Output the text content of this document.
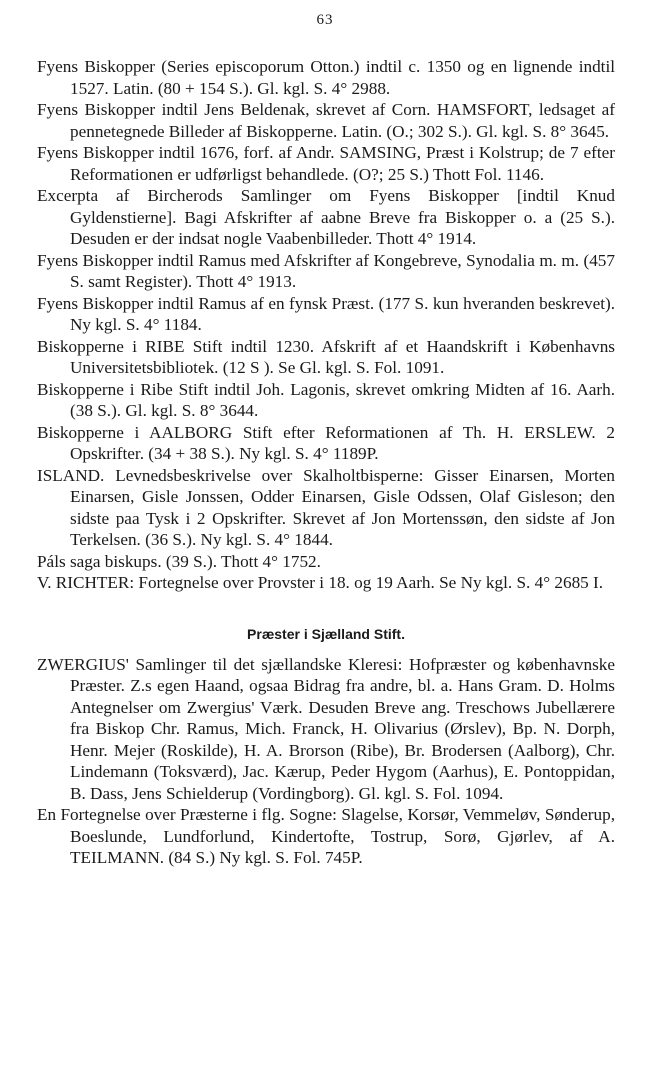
63

Fyens Biskopper (Series episcoporum Otton.) indtil c. 1350 og en lignende indtil 1527. Latin. (80 + 154 S.). Gl. kgl. S. 4° 2988.

Fyens Biskopper indtil Jens Beldenak, skrevet af Corn. HAMSFORT, ledsaget af pennetegnede Billeder af Biskopperne. Latin. (O.; 302 S.). Gl. kgl. S. 8° 3645.

Fyens Biskopper indtil 1676, forf. af Andr. SAMSING, Præst i Kolstrup; de 7 efter Reformationen er udførligst behandlede. (O?; 25 S.) Thott Fol. 1146.

Excerpta af Bircherods Samlinger om Fyens Biskopper [indtil Knud Gyldenstierne]. Bagi Afskrifter af aabne Breve fra Biskopper o. a (25 S.). Desuden er der indsat nogle Vaabenbilleder. Thott 4° 1914.

Fyens Biskopper indtil Ramus med Afskrifter af Kongebreve, Synodalia m. m. (457 S. samt Register). Thott 4° 1913.

Fyens Biskopper indtil Ramus af en fynsk Præst. (177 S. kun hveranden beskrevet). Ny kgl. S. 4° 1184.

Biskopperne i RIBE Stift indtil 1230. Afskrift af et Haandskrift i Københavns Universitetsbibliotek. (12 S ). Se Gl. kgl. S. Fol. 1091.

Biskopperne i Ribe Stift indtil Joh. Lagonis, skrevet omkring Midten af 16. Aarh. (38 S.). Gl. kgl. S. 8° 3644.

Biskopperne i AALBORG Stift efter Reformationen af Th. H. ERSLEW. 2 Opskrifter. (34 + 38 S.). Ny kgl. S. 4° 1189P.

ISLAND. Levnedsbeskrivelse over Skalholtbisperne: Gisser Einarsen, Morten Einarsen, Gisle Jonssen, Odder Einarsen, Gisle Odssen, Olaf Gisleson; den sidste paa Tysk i 2 Opskrifter. Skrevet af Jon Mortenssøn, den sidste af Jon Terkelsen. (36 S.). Ny kgl. S. 4° 1844.

Páls saga biskups. (39 S.). Thott 4° 1752.

V. RICHTER: Fortegnelse over Provster i 18. og 19 Aarh. Se Ny kgl. S. 4° 2685 I.

Præster i Sjælland Stift.

ZWERGIUS' Samlinger til det sjællandske Kleresi: Hofpræster og københavnske Præster. Z.s egen Haand, ogsaa Bidrag fra andre, bl. a. Hans Gram. D. Holms Antegnelser om Zwergius' Værk. Desuden Breve ang. Treschows Jubellærere fra Biskop Chr. Ramus, Mich. Franck, H. Olivarius (Ørslev), Bp. N. Dorph, Henr. Mejer (Roskilde), H. A. Brorson (Ribe), Br. Brodersen (Aalborg), Chr. Lindemann (Toksværd), Jac. Kærup, Peder Hygom (Aarhus), E. Pontoppidan, B. Dass, Jens Schielderup (Vordingborg). Gl. kgl. S. Fol. 1094.

En Fortegnelse over Præsterne i flg. Sogne: Slagelse, Korsør, Vemmeløv, Sønderup, Boeslunde, Lundforlund, Kindertofte, Tostrup, Sorø, Gjørlev, af A. TEILMANN. (84 S.) Ny kgl. S. Fol. 745P.
